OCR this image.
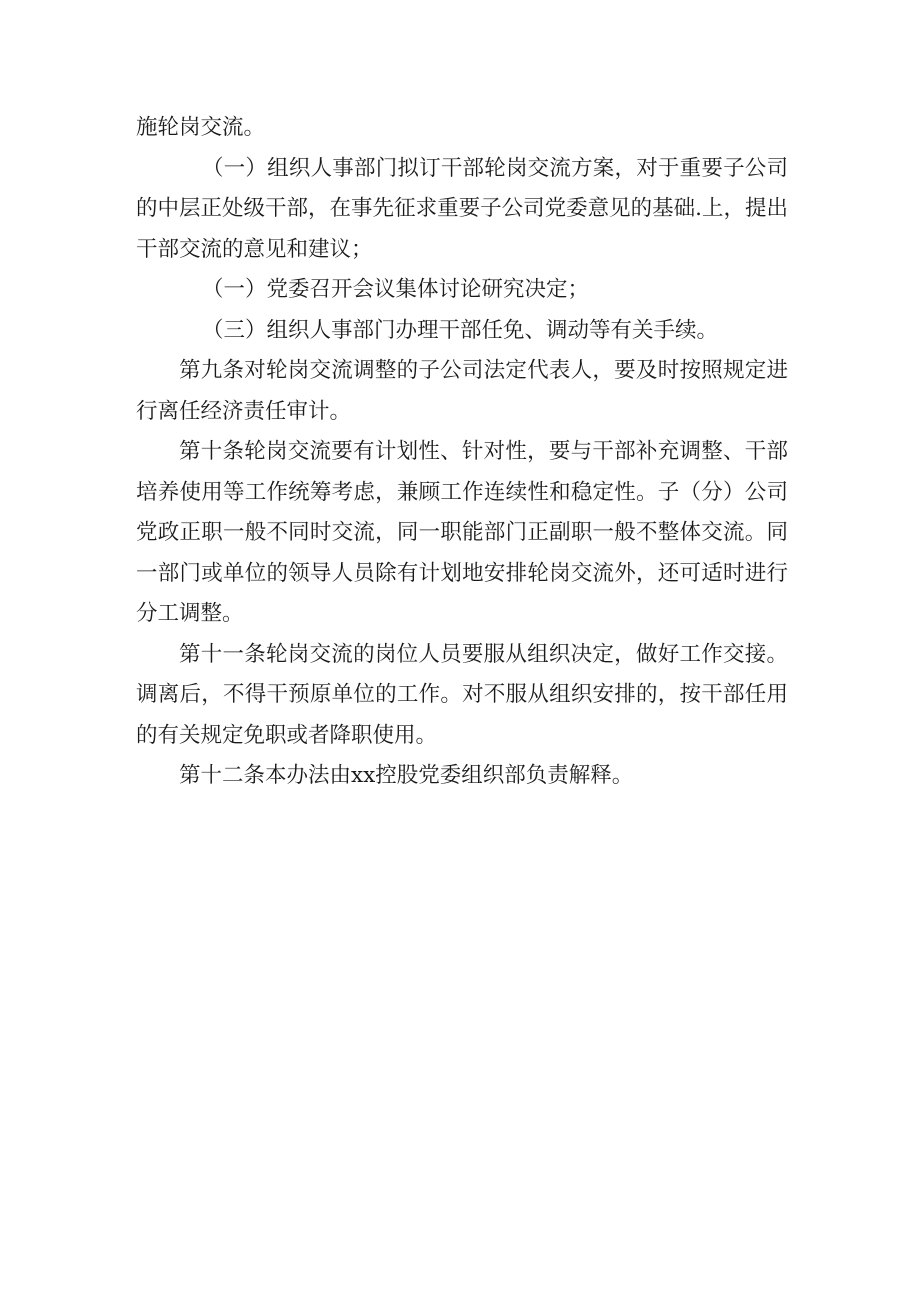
施轮岗交流。

（一）组织人事部门拟订干部轮岗交流方案，对于重要子公司的中层正处级干部，在事先征求重要子公司党委意见的基础.上，提出干部交流的意见和建议；

（一）党委召开会议集体讨论研究决定；

（三）组织人事部门办理干部任免、调动等有关手续。

第九条对轮岗交流调整的子公司法定代表人，要及时按照规定进行离任经济责任审计。

第十条轮岗交流要有计划性、针对性，要与干部补充调整、干部培养使用等工作统筹考虑，兼顾工作连续性和稳定性。子（分）公司党政正职一般不同时交流，同一职能部门正副职一般不整体交流。同一部门或单位的领导人员除有计划地安排轮岗交流外，还可适时进行分工调整。

第十一条轮岗交流的岗位人员要服从组织决定，做好工作交接。调离后，不得干预原单位的工作。对不服从组织安排的，按干部任用的有关规定免职或者降职使用。

第十二条本办法由xx控股党委组织部负责解释。
